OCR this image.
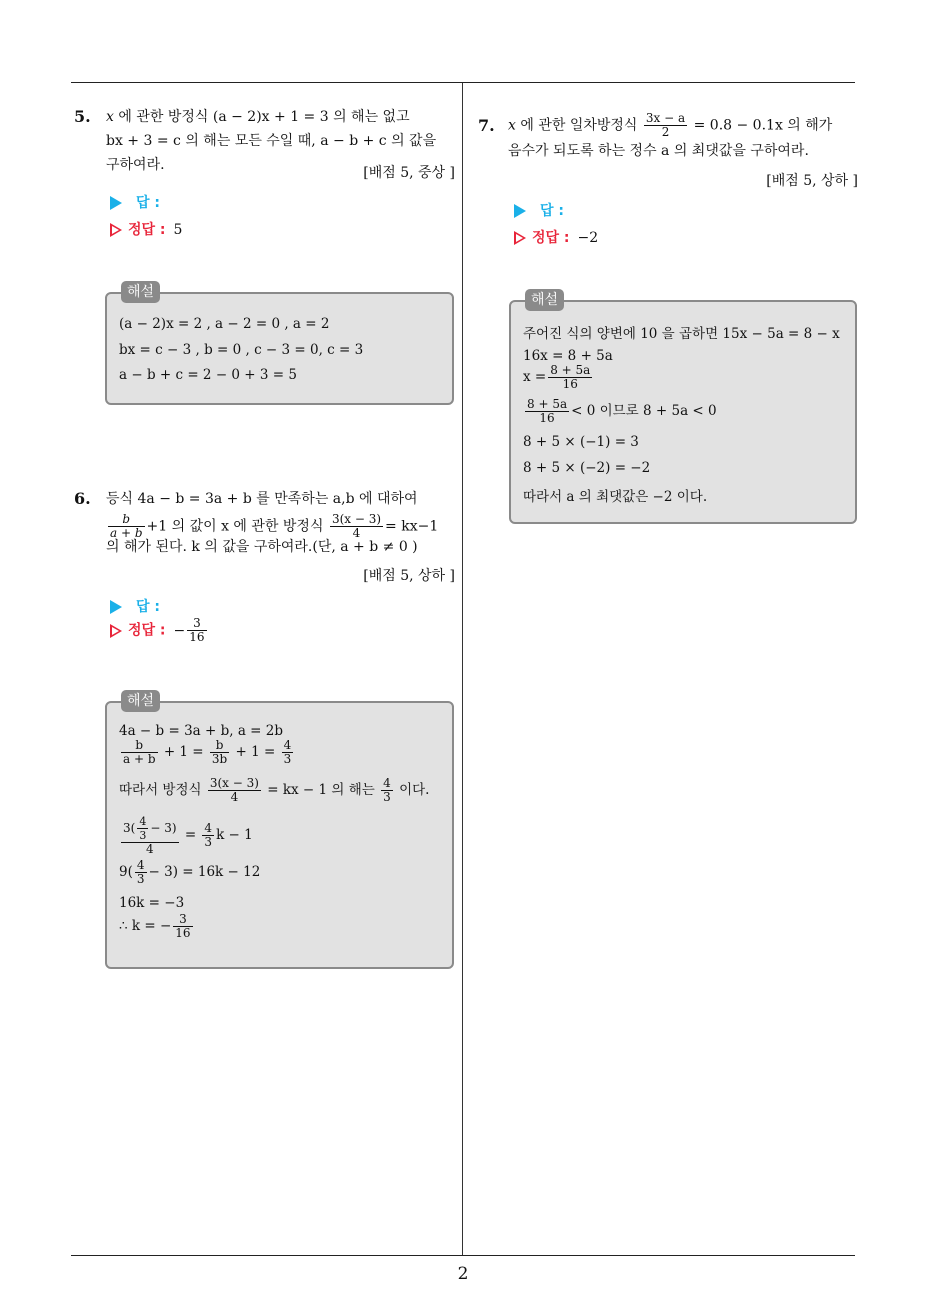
2
5. x 에 관한 방정식 (a − 2)x + 1 = 3 의 해는 없고
bx + 3 = c 의 해는 모든 수일 때, a − b + c 의 값을
구하여라.	[배점 5, 중상 ]
답 :
정답 : 5
해설
(a − 2)x = 2 , a − 2 = 0 , a = 2
bx = c − 3 , b = 0 , c − 3 = 0, c = 3
a − b + c = 2 − 0 + 3 = 5
6. 등식 4a − b = 3a + b 를 만족하는 a,b 에 대하여
$\frac{b}{a + b} +1$ 의 값이 x 에 관한 방정식 $\frac{3(x - 3)}{4} = kx-1$
의 해가 된다. k 의 값을 구하여라.(단, a + b ≠ 0 )
[배점 5, 상하 ]
답 :
정답 : − $\frac{3}{16}$
해설
4a − b = 3a + b, a = 2b
$\frac{b}{a + b} + 1 = \frac{b}{3b} + 1 = \frac{4}{3}$
따라서 방정식 $\frac{3(x - 3)}{4}$ = kx − 1 의 해는 $\frac{4}{3}$ 이다.
$\frac{3( \frac{4}{3} - 3)}{4} = \frac{4}{3}$ k − 1
$9( \frac{4}{3} - 3) = 16k - 12$
16k = −3
∴ k = − $\frac{3}{16}$
7. x 에 관한 일차방정식 $\frac{3x - a}{2} = 0.8 - 0.1x$ 의 해가
음수가 되도록 하는 정수 a 의 최댓값을 구하여라.
[배점 5, 상하 ]
답 :
정답 : −2
해설
주어진 식의 양변에 10 을 곱하면 15x − 5a = 8 − x
16x = 8 + 5a
$x = \frac{8 + 5a}{16}$
$\frac{8 + 5a}{16} < 0$ 이므로 8 + 5a < 0
8 + 5 × (−1) = 3
8 + 5 × (−2) = −2
따라서 a 의 최댓값은 −2 이다.
